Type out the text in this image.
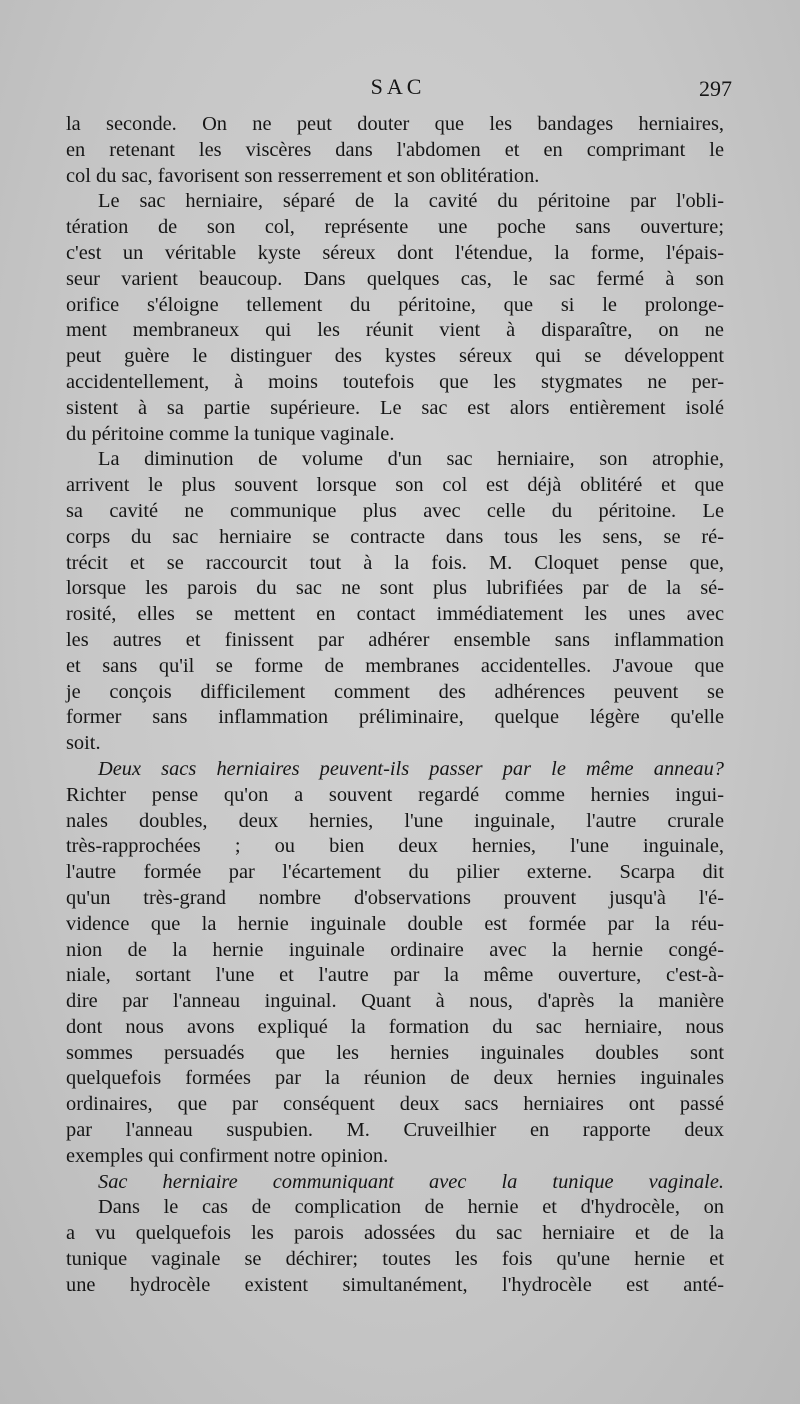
SAC	297
la seconde. On ne peut douter que les bandages herniaires,
en retenant les viscères dans l'abdomen et en comprimant le
col du sac, favorisent son resserrement et son oblitération.
Le sac herniaire, séparé de la cavité du péritoine par l'obli-
tération de son col, représente une poche sans ouverture;
c'est un véritable kyste séreux dont l'étendue, la forme, l'épais-
seur varient beaucoup. Dans quelques cas, le sac fermé à son
orifice s'éloigne tellement du péritoine, que si le prolonge-
ment membraneux qui les réunit vient à disparaître, on ne
peut guère le distinguer des kystes séreux qui se développent
accidentellement, à moins toutefois que les stygmates ne per-
sistent à sa partie supérieure. Le sac est alors entièrement isolé
du péritoine comme la tunique vaginale.
La diminution de volume d'un sac herniaire, son atrophie,
arrivent le plus souvent lorsque son col est déjà oblitéré et que
sa cavité ne communique plus avec celle du péritoine. Le
corps du sac herniaire se contracte dans tous les sens, se ré-
trécit et se raccourcit tout à la fois. M. Cloquet pense que,
lorsque les parois du sac ne sont plus lubrifiées par de la sé-
rosité, elles se mettent en contact immédiatement les unes avec
les autres et finissent par adhérer ensemble sans inflammation
et sans qu'il se forme de membranes accidentelles. J'avoue que
je conçois difficilement comment des adhérences peuvent se
former sans inflammation préliminaire, quelque légère qu'elle
soit.
Deux sacs herniaires peuvent-ils passer par le même anneau?
Richter pense qu'on a souvent regardé comme hernies ingui-
nales doubles, deux hernies, l'une inguinale, l'autre crurale
très-rapprochées ; ou bien deux hernies, l'une inguinale,
l'autre formée par l'écartement du pilier externe. Scarpa dit
qu'un très-grand nombre d'observations prouvent jusqu'à l'é-
vidence que la hernie inguinale double est formée par la réu-
nion de la hernie inguinale ordinaire avec la hernie congé-
niale, sortant l'une et l'autre par la même ouverture, c'est-à-
dire par l'anneau inguinal. Quant à nous, d'après la manière
dont nous avons expliqué la formation du sac herniaire, nous
sommes persuadés que les hernies inguinales doubles sont
quelquefois formées par la réunion de deux hernies inguinales
ordinaires, que par conséquent deux sacs herniaires ont passé
par l'anneau suspubien. M. Cruveilhier en rapporte deux
exemples qui confirment notre opinion.
Sac herniaire communiquant avec la tunique vaginale.
Dans le cas de complication de hernie et d'hydrocèle, on
a vu quelquefois les parois adossées du sac herniaire et de la
tunique vaginale se déchirer; toutes les fois qu'une hernie et
une hydrocèle existent simultanément, l'hydrocèle est anté-
